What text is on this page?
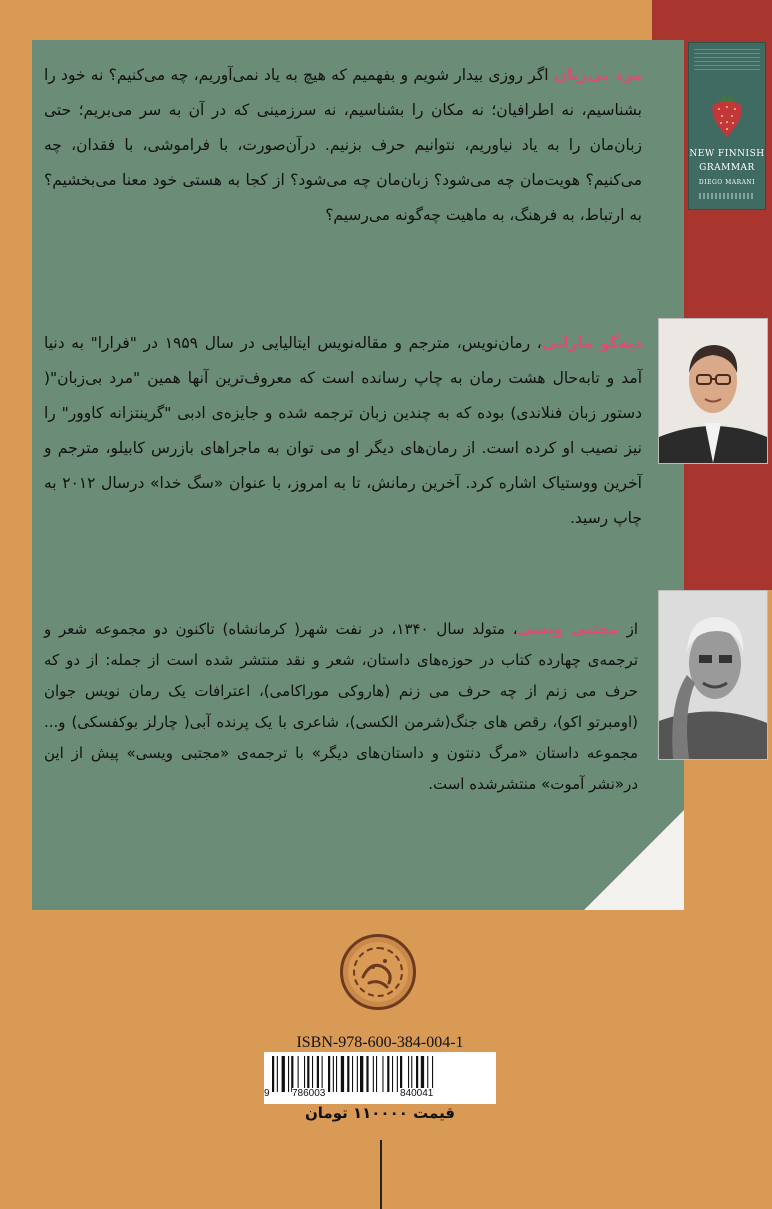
NEW FINNISH
GRAMMAR
DIEGO MARANI
مرد بی‌زبان اگر روزی بیدار شویم و بفهمیم که هیچ به یاد نمی‌آوریم، چه می‌کنیم؟ نه خود را بشناسیم، نه اطرافیان؛ نه مکان را بشناسیم، نه سرزمینی که در آن به سر می‌بریم؛ حتی زبان‌مان را به یاد نیاوریم، نتوانیم حرف بزنیم. درآن‌صورت، با فراموشی، با فقدان، چه می‌کنیم؟ هویت‌مان چه می‌شود؟ زبان‌مان چه می‌شود؟ از کجا به هستی خود معنا می‌بخشیم؟ به ارتباط، به فرهنگ، به ماهیت چه‌گونه می‌رسیم؟
دیه‌گو مارانی، رمان‌نویس، مترجم و مقاله‌نویس ایتالیایی در سال ۱۹۵۹ در "فرارا" به دنیا آمد و تابه‌حال هشت رمان به چاپ رسانده است که معروف‌ترین آنها همین "مرد بی‌زبان"( دستور زبان فنلاندی) بوده که به چندین زبان ترجمه شده و جایزه‌ی ادبی "گرینتزانه کاوور" را نیز نصیب او کرده است. از رمان‌های دیگر او می توان به ماجراهای بازرس کابیلو، مترجم و آخرین ووستیاک اشاره کرد. آخرین رمانش، تا به امروز، با عنوان «سگ خدا» درسال ۲۰۱۲ به چاپ رسید.
از مجتبی ویسی، متولد سال ۱۳۴۰، در نفت شهر( کرمانشاه) تاکنون دو مجموعه شعر و ترجمه‌ی چهارده کتاب در حوزه‌های داستان، شعر و نقد منتشر شده است از جمله: از دو که حرف می زنم از چه حرف می زنم (هاروکی موراکامی)، اعترافات یک رمان نویس جوان (اومبرتو اکو)، رقص های جنگ(شرمن الکسی)، شاعری با یک پرنده آبی( چارلز بوکفسکی) و... مجموعه داستان «مرگ دنتون و داستان‌های دیگر» با ترجمه‌ی «مجتبی ویسی» پیش از این در«نشر آموت» منتشرشده است.
ISBN-978-600-384-004-1
9 786003	840041
قیمت ۱۱۰۰۰۰ تومان
